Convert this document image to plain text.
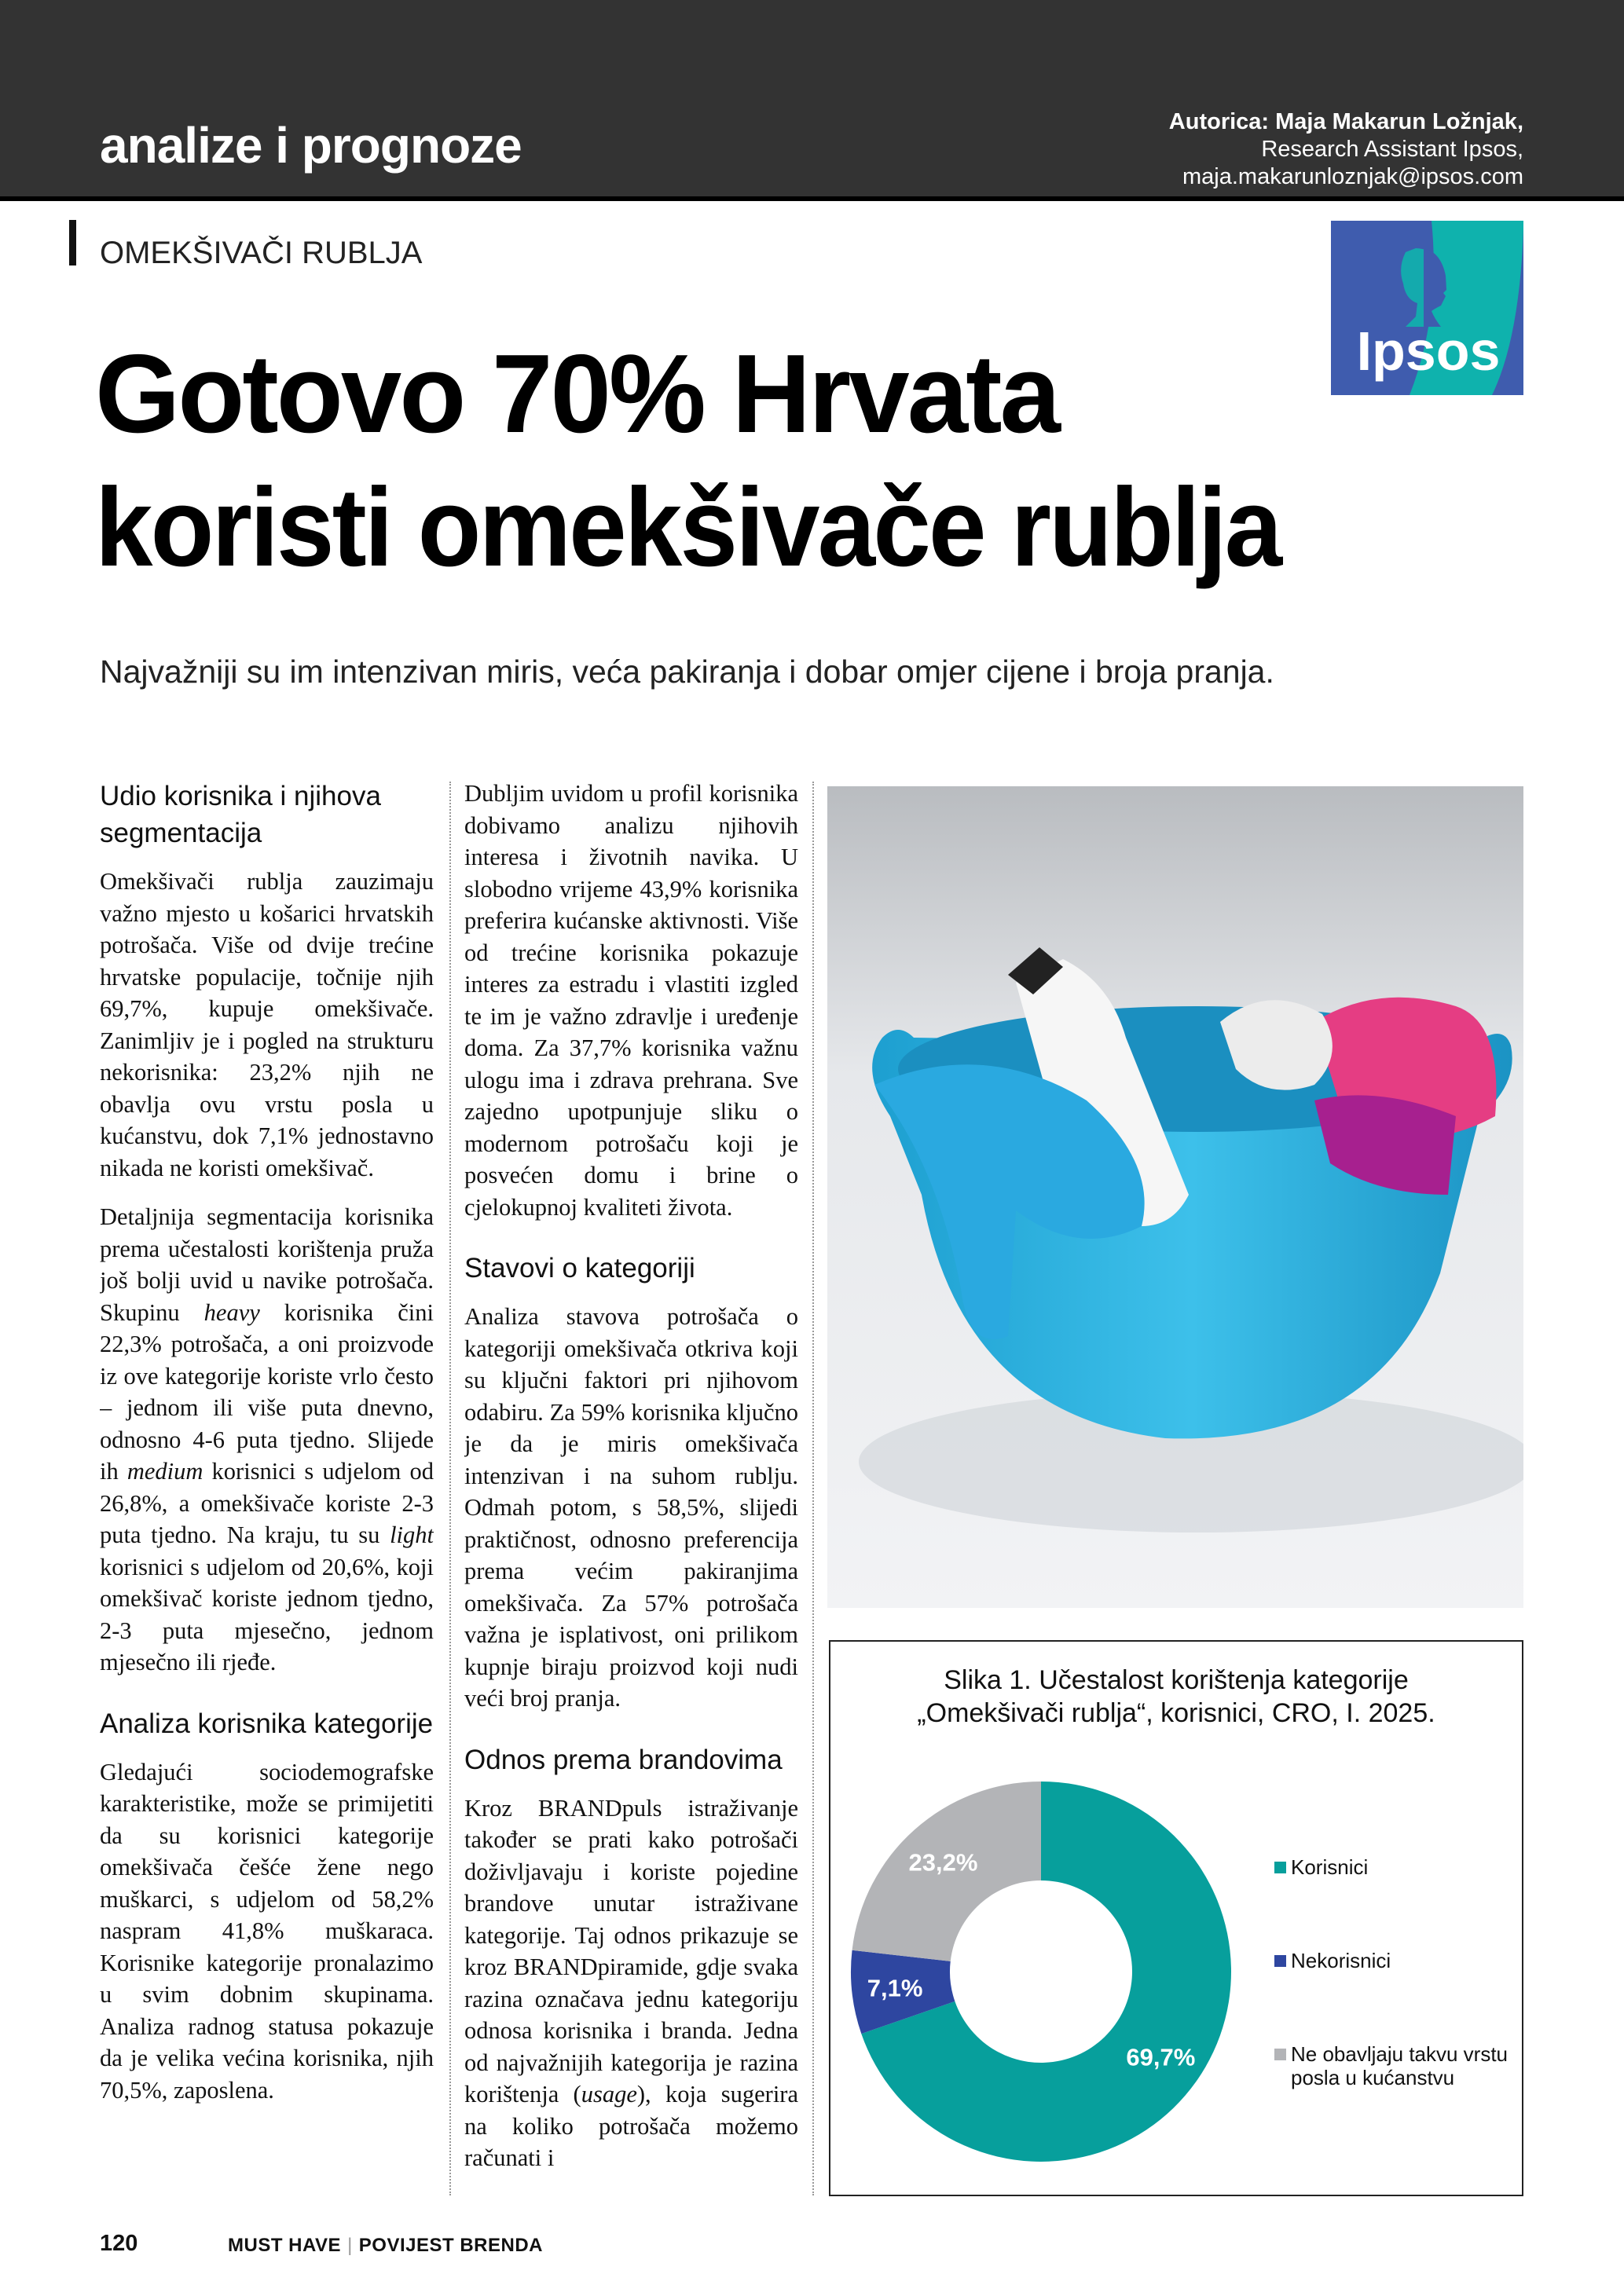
analize i prognoze	Autorica: Maja Makarun Ložnjak,
Research Assistant Ipsos,
maja.makarunloznjak@ipsos.com
OMEKŠIVAČI RUBLJA
Ipsos
Gotovo 70% Hrvata
koristi omekšivače rublja
Najvažniji su im intenzivan miris, veća pakiranja i dobar omjer cijene i broja pranja.
Udio korisnika i njihova segmentacija

Omekšivači rublja zauzimaju važno mjesto u košarici hrvatskih potrošača. Više od dvije trećine hrvatske populacije, točnije njih 69,7%, kupuje omekšivače. Zanimljiv je i pogled na strukturu nekorisnika: 23,2% njih ne obavlja ovu vrstu posla u kućanstvu, dok 7,1% jednostavno nikada ne koristi omekšivač.

Detaljnija segmentacija korisnika prema učestalosti korištenja pruža još bolji uvid u navike potrošača. Skupinu heavy korisnika čini 22,3% potrošača, a oni proizvode iz ove kategorije koriste vrlo često – jednom ili više puta dnevno, odnosno 4-6 puta tjedno. Slijede ih medium korisnici s udjelom od 26,8%, a omekšivače koriste 2-3 puta tjedno. Na kraju, tu su light korisnici s udjelom od 20,6%, koji omekšivač koriste jednom tjedno, 2-3 puta mjesečno, jednom mjesečno ili rjeđe.

Analiza korisnika kategorije

Gledajući sociodemografske karakteristike, može se primijetiti da su korisnici kategorije omekšivača češće žene nego muškarci, s udjelom od 58,2% naspram 41,8% muškaraca. Korisnike kategorije pronalazimo u svim dobnim skupinama. Analiza radnog statusa pokazuje da je velika većina korisnika, njih 70,5%, zaposlena.

Dubljim uvidom u profil korisnika dobivamo analizu njihovih interesa i životnih navika. U slobodno vrijeme 43,9% korisnika preferira kućanske aktivnosti. Više od trećine korisnika pokazuje interes za estradu i vlastiti izgled te im je važno zdravlje i uređenje doma. Za 37,7% korisnika važnu ulogu ima i zdrava prehrana. Sve zajedno upotpunjuje sliku o modernom potrošaču koji je posvećen domu i brine o cjelokupnoj kvaliteti života.

Stavovi o kategoriji

Analiza stavova potrošača o kategoriji omekšivača otkriva koji su ključni faktori pri njihovom odabiru. Za 59% korisnika ključno je da je miris omekšivača intenzivan i na suhom rublju. Odmah potom, s 58,5%, slijedi praktičnost, odnosno preferencija prema većim pakiranjima omekšivača. Za 57% potrošača važna je isplativost, oni prilikom kupnje biraju proizvod koji nudi veći broj pranja.

Odnos prema brandovima

Kroz BRANDpuls istraživanje također se prati kako potrošači doživljavaju i koriste pojedine brandove unutar istraživane kategorije. Taj odnos prikazuje se kroz BRANDpiramide, gdje svaka razina označava jednu kategoriju odnosa korisnika i branda. Jedna od najvažnijih kategorija je razina korištenja (usage), koja sugerira na koliko potrošača možemo računati i

Slika 1. Učestalost korištenja kategorije
„Omekšivači rublja“, korisnici, CRO, I. 2025.
69,7%
7,1%
23,2%	Korisnici
Nekorisnici
Ne obavljaju takvu vrstu
posla u kućanstvu
120	MUST HAVE | POVIJEST BRENDA
